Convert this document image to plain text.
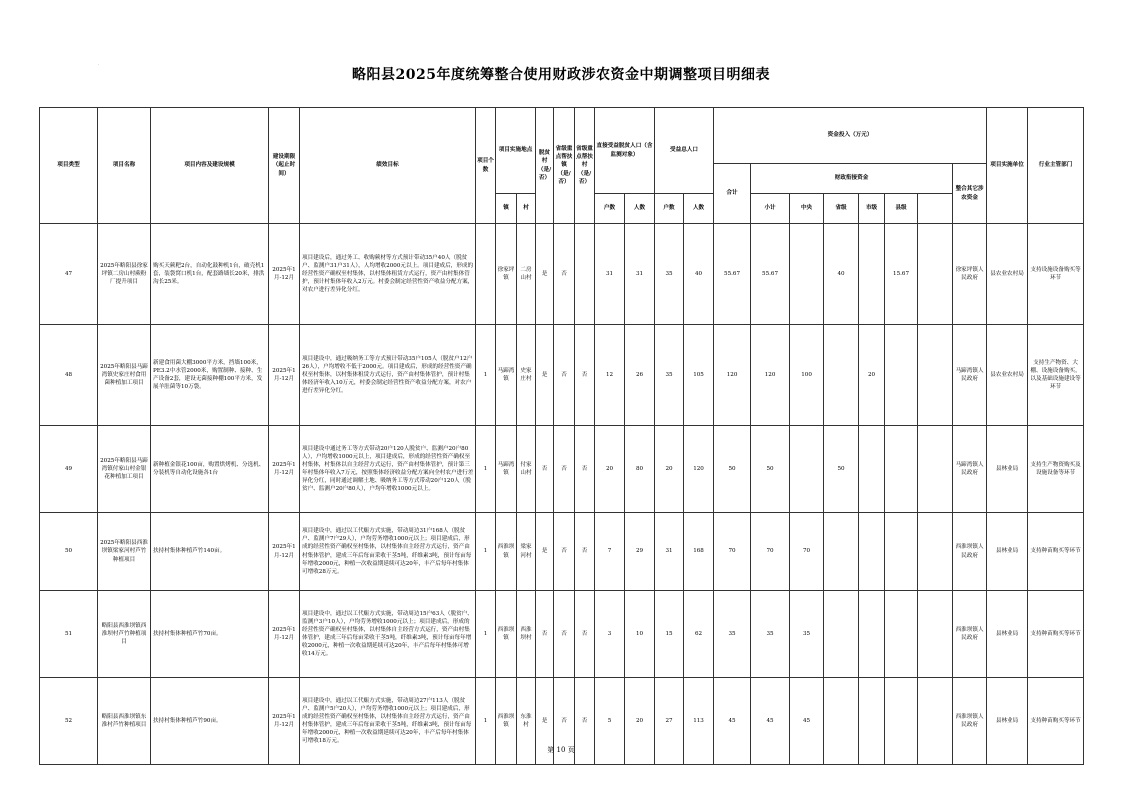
·
略阳县2025年度统筹整合使用财政涉农资金中期调整项目明细表
项目类型	项目名称	项目内容及建设规模	建设期限（起止时间）	绩效目标	项目个数	项目实施地点		脱贫村（是/否）	省级重点帮扶镇（是/否）	省级重点帮扶村（是/否）	直接受益脱贫人口（含监测对象）		受益总人口		资金投入（万元）								项目实施单位	行业主管部门	
															合计	财政衔接资金						整合其它涉农资金			
						镇	村				户数	人数	户数	人数		小计	中央	省级	市级	县级					
47	2025年略阳县徐家坪镇二房山村蕨粉厂提升项目	购买天蕨粑2台，自动化鼓种机1台，破壳机1套，装袋窝口机1台，配套路墙长20米，排洪沟长25米。	2025年1月-12月	项目建设后，通过务工、收购蕨材等方式预计带动35户40人（脱贫户、监测户31户31人），人均增收2000元以上。项目建成后，形成的经营性资产确权至村集体，以村集体租赁方式运行，资产由村集体管护，预计村集体年收入2万元。村委会制定经营性资产收益分配方案，对农户进行差异化分红。		徐家坪镇	二房山村	是	否		31	31	35	40	55.67	55.67		40		15.67		徐家坪镇人民政府	县农业农村局	支持设施设备购买等环节	
48	2025年略阳县马蹄湾镇史家庄村食用菌种植加工项目	新建食用菌大棚3000平方米，挡墙100米，PE3.2中水管2000米，购置制种、接种、生产设备2套，建设无菌接种棚100平方米，发展羊肚菌等10万袋。	2025年1月-12月	项目建设中，通过吸纳务工等方式预计带动35户105人（脱贫户12户26人），户均增收不低于2000元。项目建成后，形成的经营性资产确权至村集体，以村集体租赁方式运行，资产由村集体管护，预计村集体经济年收入10万元，村委会制定经营性资产收益分配方案，对农户进行差异化分红。	1	马蹄湾镇	史家庄村	是	否	否	12	26	35	105	120	120	100		20			马蹄湾镇人民政府	县农业农村局	支持生产物资、大棚、设施设备购买，以及基础设施建设等环节	
49	2025年略阳县马蹄湾镇付家山村金银花种植加工项目	新种植金银花100亩，购置烘烤机、分选机、分装机等自动化设施各1台	2025年1月-12月	项目建设中通过务工等方式带动20户120人脱贫户、监测户20户80人），户均增收1000元以上，项目建成后，形成的经营性资产确权至村集体，村集体以自主经营方式运行，资产由村集体管护，预计第三年村集体年收入7万元，按照集体经济收益分配方案向全村农户进行差异化分红，同时通过调解土地、吸纳务工等方式带动20户120人（脱贫户、监测户20户80人），户均年增收1000元以上。	1	马蹄湾镇	付家山村	否	否	否	20	80	20	120	50	50		50				马蹄湾镇人民政府	县林业局	支持生产物资购买及设施设备等环节	
50	2025年略阳县西淮坝镇梁家河村芦竹种植项目	扶持村集体种植芦竹140亩。	2025年1月-12月	项目建设中，通过以工代赈方式实施，带动周边31户168人（脱贫户、监测户7户29人），户均劳务增收1000元以上；项目建成后，形成的经营性资产确权至村集体，以村集体自主经营方式运行，资产由村集体管护，建成三年后每亩采收干茎5吨，纤维素3吨，预计每亩每年增收2000元，种植一次收益期延续可达20年，丰产后每年村集体可增收28万元。	1	西淮坝镇	梁家河村	是	否	否	7	29	31	168	70	70	70					西淮坝镇人民政府	县林业局	支持种苗购买等环节	
51	略阳县西淮坝镇西淮坝村芦竹种植项目	扶持村集体种植芦竹70亩。	2025年1月-12月	项目建设中，通过以工代赈方式实施，带动周边15户63人（脱贫户、监测户3户10人），户均劳务增收1000元以上；项目建成后，形成的经营性资产确权至村集体，以村集体自主经营方式运行，资产由村集体管护，建成三年后每亩采收干茎5吨，纤维素3吨，预计每亩每年增收2000元，种植一次收益期延续可达20年，丰产后每年村集体可增收14万元。	1	西淮坝镇	西淮坝村	否	否	否	3	10	15	62	35	35	35					西淮坝镇人民政府	县林业局	支持种苗购买等环节	
52	略阳县西淮坝镇东淮村芦竹种植项目	扶持村集体种植芦竹90亩。	2025年1月-12月	项目建设中，通过以工代赈方式实施，带动周边27户113人（脱贫户、监测户5户20人），户均劳务增收1000元以上；项目建成后，形成的经营性资产确权至村集体，以村集体自主经营方式运行，资产由村集体管护，建成三年后每亩采收干茎5吨，纤维素3吨，预计每亩每年增收2000元，种植一次收益期延续可达20年，丰产后每年村集体可增收18万元。	1	西淮坝镇	东淮村	是	否	否	5	20	27	113	45	45	45					西淮坝镇人民政府	县林业局	支持种苗购买等环节	
第 10 页
